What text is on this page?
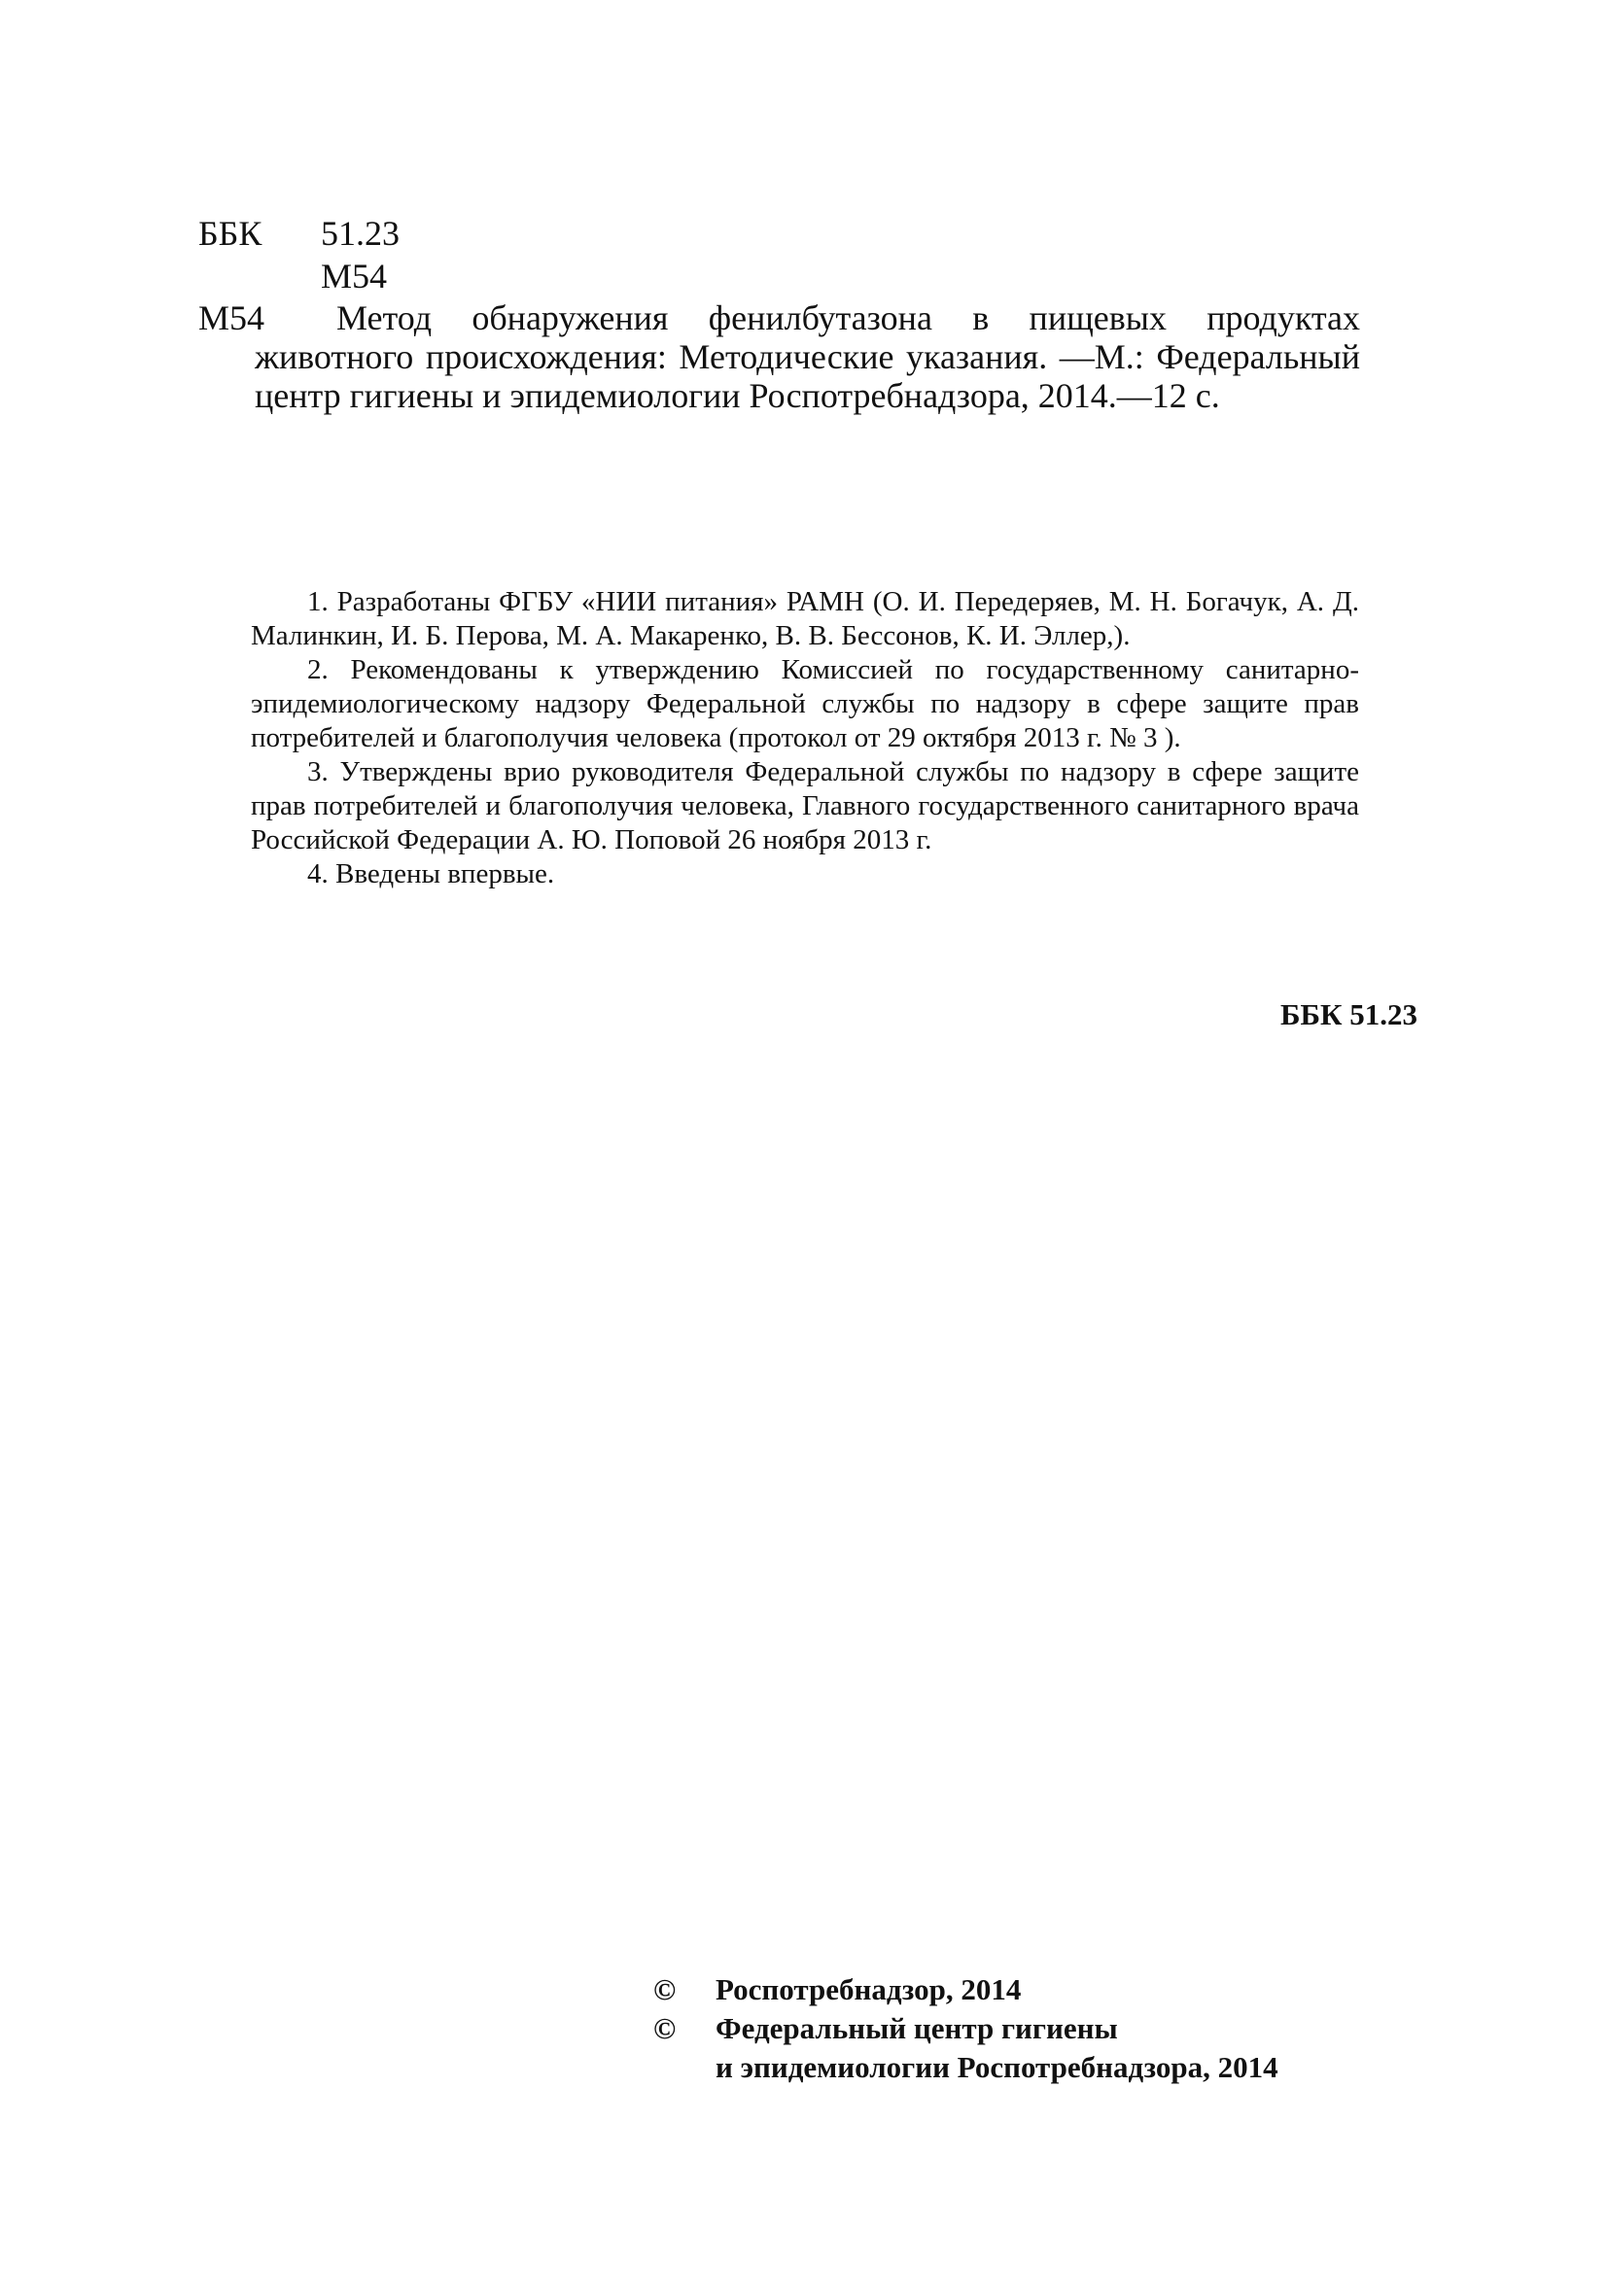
ББК 51.23
М54
М54	Метод обнаружения фенилбутазона в пищевых продуктах животного происхождения: Методические указания. —М.: Федеральный центр гигиены и эпидемиологии Роспотребнадзора, 2014.—12 с.

1. Разработаны ФГБУ «НИИ питания» РАМН (О. И. Передеряев, М. Н. Богачук, А. Д. Малинкин, И. Б. Перова, М. А. Макаренко, В. В. Бессонов, К. И. Эллер,).

2. Рекомендованы к утверждению Комиссией по государственному санитарно-эпидемиологическому надзору Федеральной службы по надзору в сфере защите прав потребителей и благополучия человека (протокол от 29 октября 2013 г. № 3 ).

3. Утверждены врио руководителя Федеральной службы по надзору в сфере защите прав потребителей и благополучия человека, Главного государственного санитарного врача Российской Федерации А. Ю. Поповой 26 ноября 2013 г.

4. Введены впервые.

ББК 51.23
© Роспотребнадзор, 2014
© Федеральный центр гигиены
и эпидемиологии Роспотребнадзора, 2014
